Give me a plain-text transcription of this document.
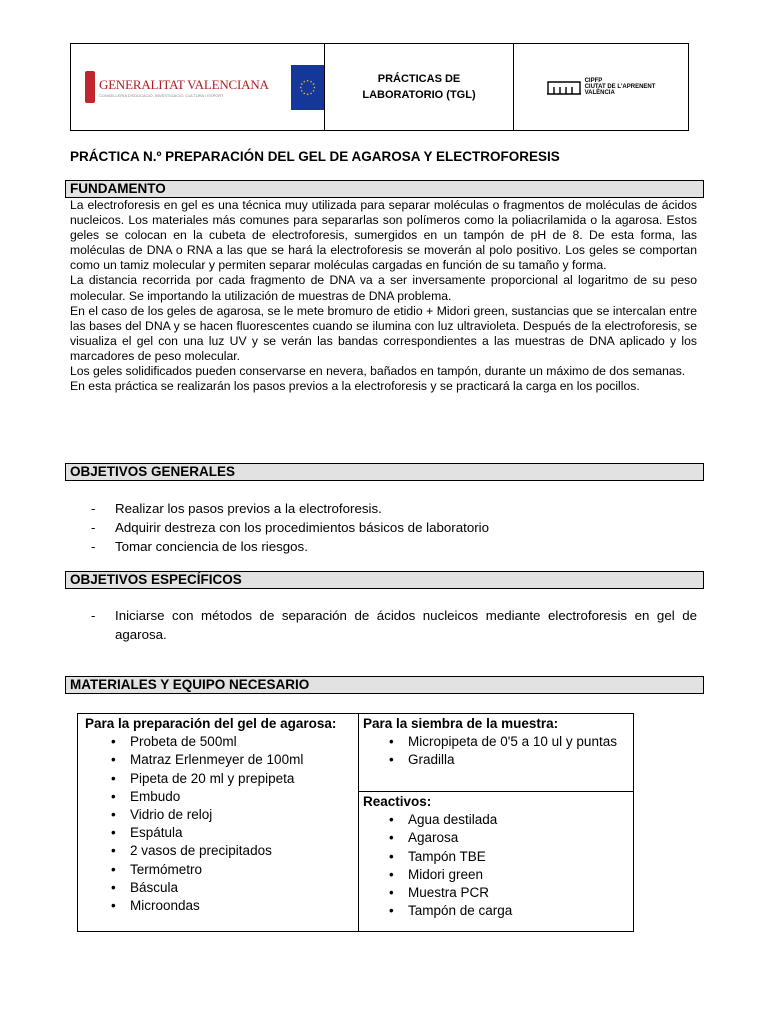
GENERALITAT VALENCIANA
CONSELLERIA D'EDUCACIÓ, INVESTIGACIÓ, CULTURA I ESPORT
PRÁCTICAS DE
LABORATORIO (TGL)
CIPFP
CIUTAT DE L'APRENENT
VALÈNCIA
PRÁCTICA N.º PREPARACIÓN DEL GEL DE AGAROSA Y ELECTROFORESIS
FUNDAMENTO

La electroforesis en gel es una técnica muy utilizada para separar moléculas o fragmentos de moléculas de ácidos nucleicos. Los materiales más comunes para separarlas son polímeros como la poliacrilamida o la agarosa. Estos geles se colocan en la cubeta de electroforesis, sumergidos en un tampón de pH de 8. De esta forma, las moléculas de DNA o RNA a las que se hará la electroforesis se moverán al polo positivo. Los geles se comportan como un tamiz molecular y permiten separar moléculas cargadas en función de su tamaño y forma.

La distancia recorrida por cada fragmento de DNA va a ser inversamente proporcional al logaritmo de su peso molecular. Se importando la utilización de muestras de DNA problema.

En el caso de los geles de agarosa, se le mete bromuro de etidio + Midori green, sustancias que se intercalan entre las bases del DNA y se hacen fluorescentes cuando se ilumina con luz ultravioleta. Después de la electroforesis, se visualiza el gel con una luz UV y se verán las bandas correspondientes a las muestras de DNA aplicado y los marcadores de peso molecular.

Los geles solidificados pueden conservarse en nevera, bañados en tampón, durante un máximo de dos semanas.

En esta práctica se realizarán los pasos previos a la electroforesis y se practicará la carga en los pocillos.

OBJETIVOS GENERALES
- Realizar los pasos previos a la electroforesis.
- Adquirir destreza con los procedimientos básicos de laboratorio
- Tomar conciencia de los riesgos.
OBJETIVOS ESPECÍFICOS
- Iniciarse con métodos de separación de ácidos nucleicos mediante electroforesis en gel de agarosa.
MATERIALES Y EQUIPO NECESARIO
Para la preparación del gel de agarosa:
• Probeta de 500ml
• Matraz Erlenmeyer de 100ml
• Pipeta de 20 ml y prepipeta
• Embudo
• Vidrio de reloj
• Espátula
• 2 vasos de precipitados
• Termómetro
• Báscula
• Microondas
Para la siembra de la muestra:
• Micropipeta de 0'5 a 10 ul y puntas
• Gradilla
Reactivos:
• Agua destilada
• Agarosa
• Tampón TBE
• Midori green
• Muestra PCR
• Tampón de carga
